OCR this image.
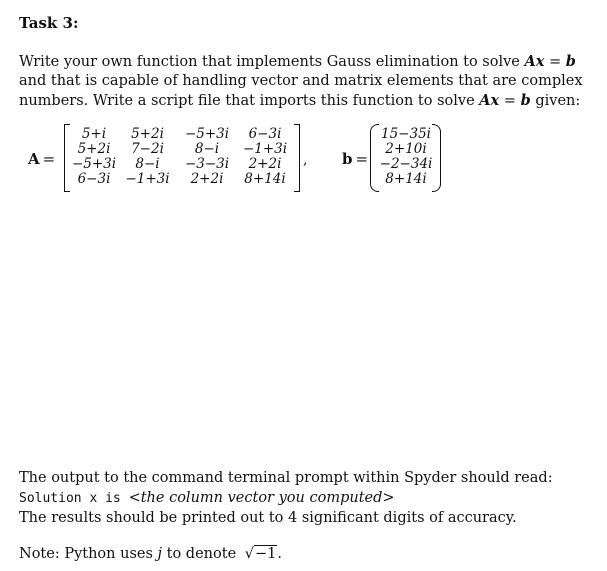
Task 3:
Write your own function that implements Gauss elimination to solve Ax = b and that is capable of handling vector and matrix elements that are complex numbers. Write a script file that imports this function to solve Ax = b given:
A =
5+i	5+2i	−5+3i	6−3i
5+2i	7−2i	8−i	−1+3i
−5+3i	8−i	−3−3i	2+2i
6−3i	−1+3i	2+2i	8+14i
, b =
15−35i
2+10i
−2−34i
8+14i
The output to the command terminal prompt within Spyder should read:
Solution x is <the column vector you computed>
The results should be printed out to 4 significant digits of accuracy.
Note: Python uses j to denote √−1.
